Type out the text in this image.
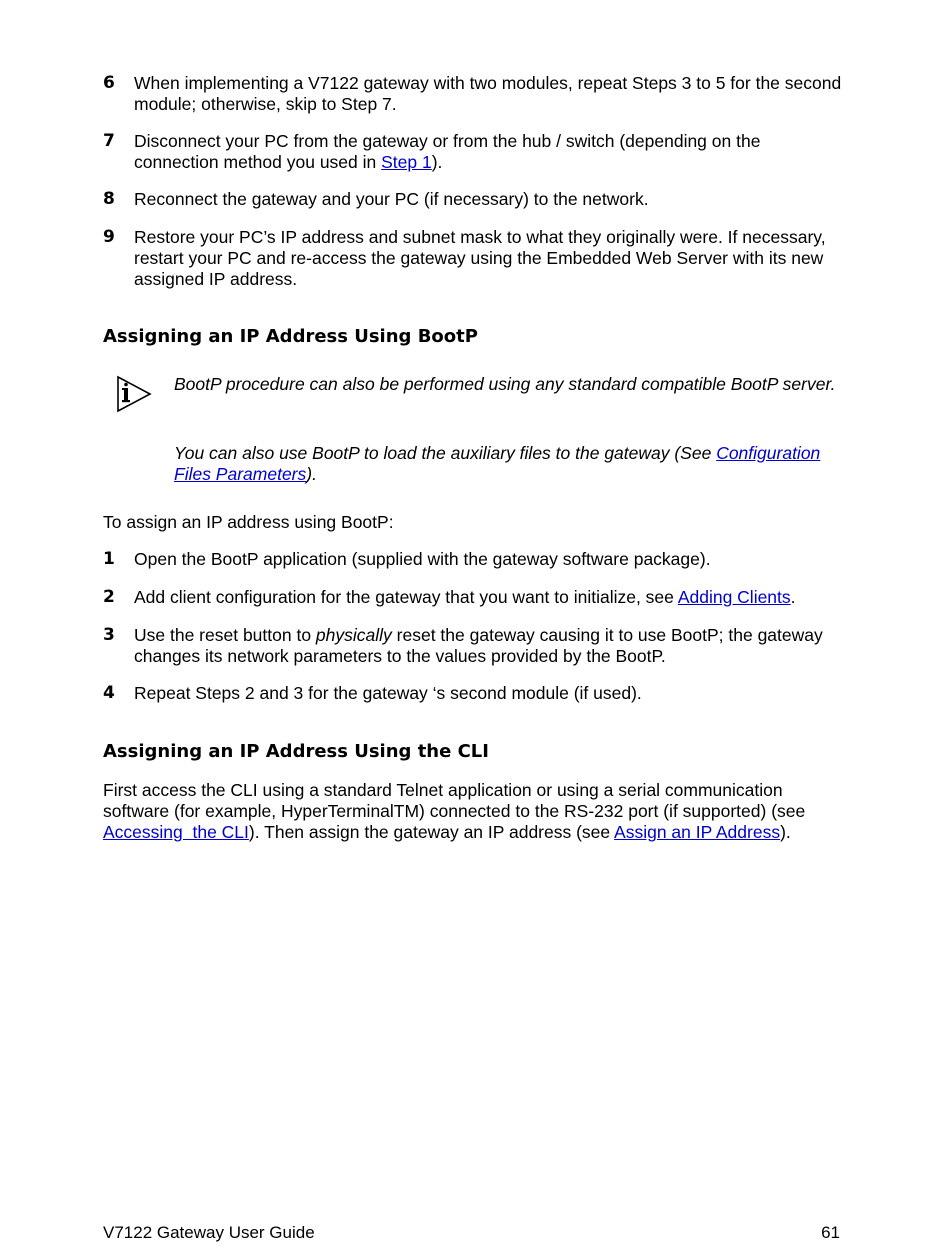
6	When implementing a V7122 gateway with two modules, repeat Steps 3 to 5 for the second module; otherwise, skip to Step 7.
7	Disconnect your PC from the gateway or from the hub / switch (depending on the connection method you used in Step 1).
8	Reconnect the gateway and your PC (if necessary) to the network.
9	Restore your PC’s IP address and subnet mask to what they originally were. If necessary, restart your PC and re-access the gateway using the Embedded Web Server with its new assigned IP address.
Assigning an IP Address Using BootP
BootP procedure can also be performed using any standard compatible BootP server.
You can also use BootP to load the auxiliary files to the gateway (See Configuration Files Parameters).
To assign an IP address using BootP:
1	Open the BootP application (supplied with the gateway software package).
2	Add client configuration for the gateway that you want to initialize, see Adding Clients.
3	Use the reset button to physically reset the gateway causing it to use BootP; the gateway changes its network parameters to the values provided by the BootP.
4	Repeat Steps 2 and 3 for the gateway ‘s second module (if used).
Assigning an IP Address Using the CLI
First access the CLI using a standard Telnet application or using a serial communication software (for example, HyperTerminalTM) connected to the RS-232 port (if supported) (see Accessing  the CLI). Then assign the gateway an IP address (see Assign an IP Address).
V7122 Gateway User Guide	61
